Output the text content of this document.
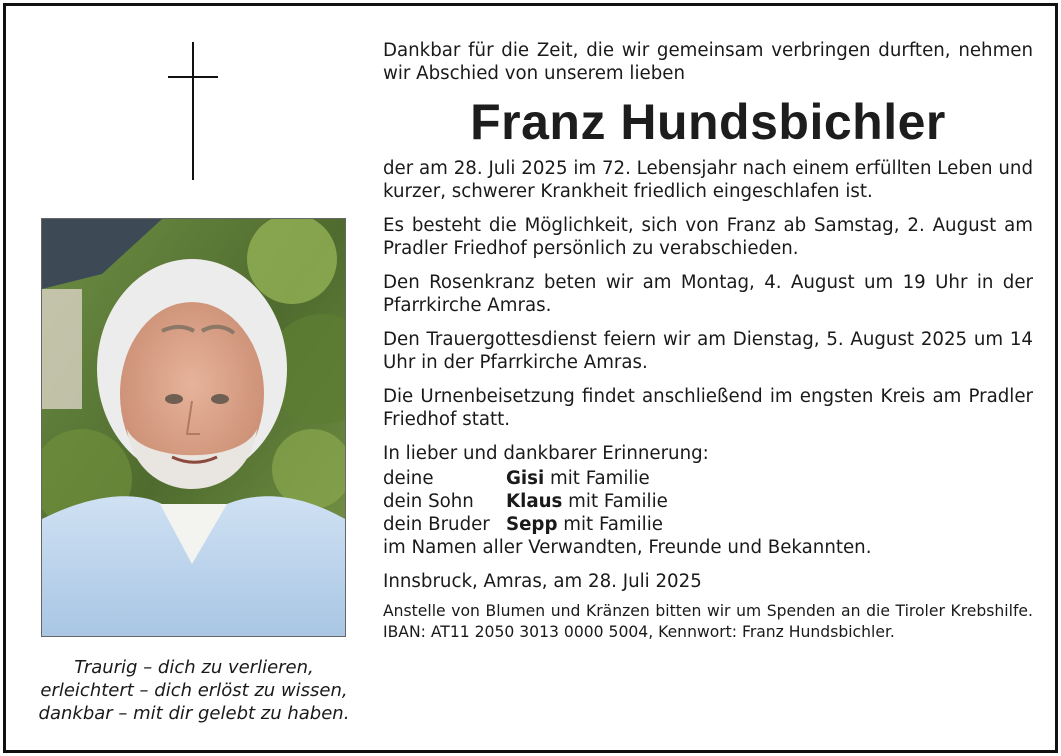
Traurig – dich zu verlieren,
erleichtert – dich erlöst zu wissen,
dankbar – mit dir gelebt zu haben.

Dankbar für die Zeit, die wir gemeinsam verbringen durften, nehmen wir Abschied von unserem lieben

Franz Hundsbichler

der am 28. Juli 2025 im 72. Lebensjahr nach einem erfüllten Leben und kurzer, schwerer Krankheit friedlich eingeschlafen ist.

Es besteht die Möglichkeit, sich von Franz ab Samstag, 2. August am Pradler Friedhof persönlich zu verabschieden.

Den Rosenkranz beten wir am Montag, 4. August um 19 Uhr in der Pfarrkirche Amras.

Den Trauergottesdienst feiern wir am Dienstag, 5. August 2025 um 14 Uhr in der Pfarrkirche Amras.

Die Urnenbeisetzung findet anschließend im engsten Kreis am Pradler Friedhof statt.

In lieber und dankbarer Erinnerung:

deine	Gisi mit Familie
dein Sohn	Klaus mit Familie
dein Bruder Sepp mit Familie

im Namen aller Verwandten, Freunde und Bekannten.

Innsbruck, Amras, am 28. Juli 2025

Anstelle von Blumen und Kränzen bitten wir um Spenden an die Tiroler Krebshilfe. IBAN: AT11 2050 3013 0000 5004, Kennwort: Franz Hundsbichler.
